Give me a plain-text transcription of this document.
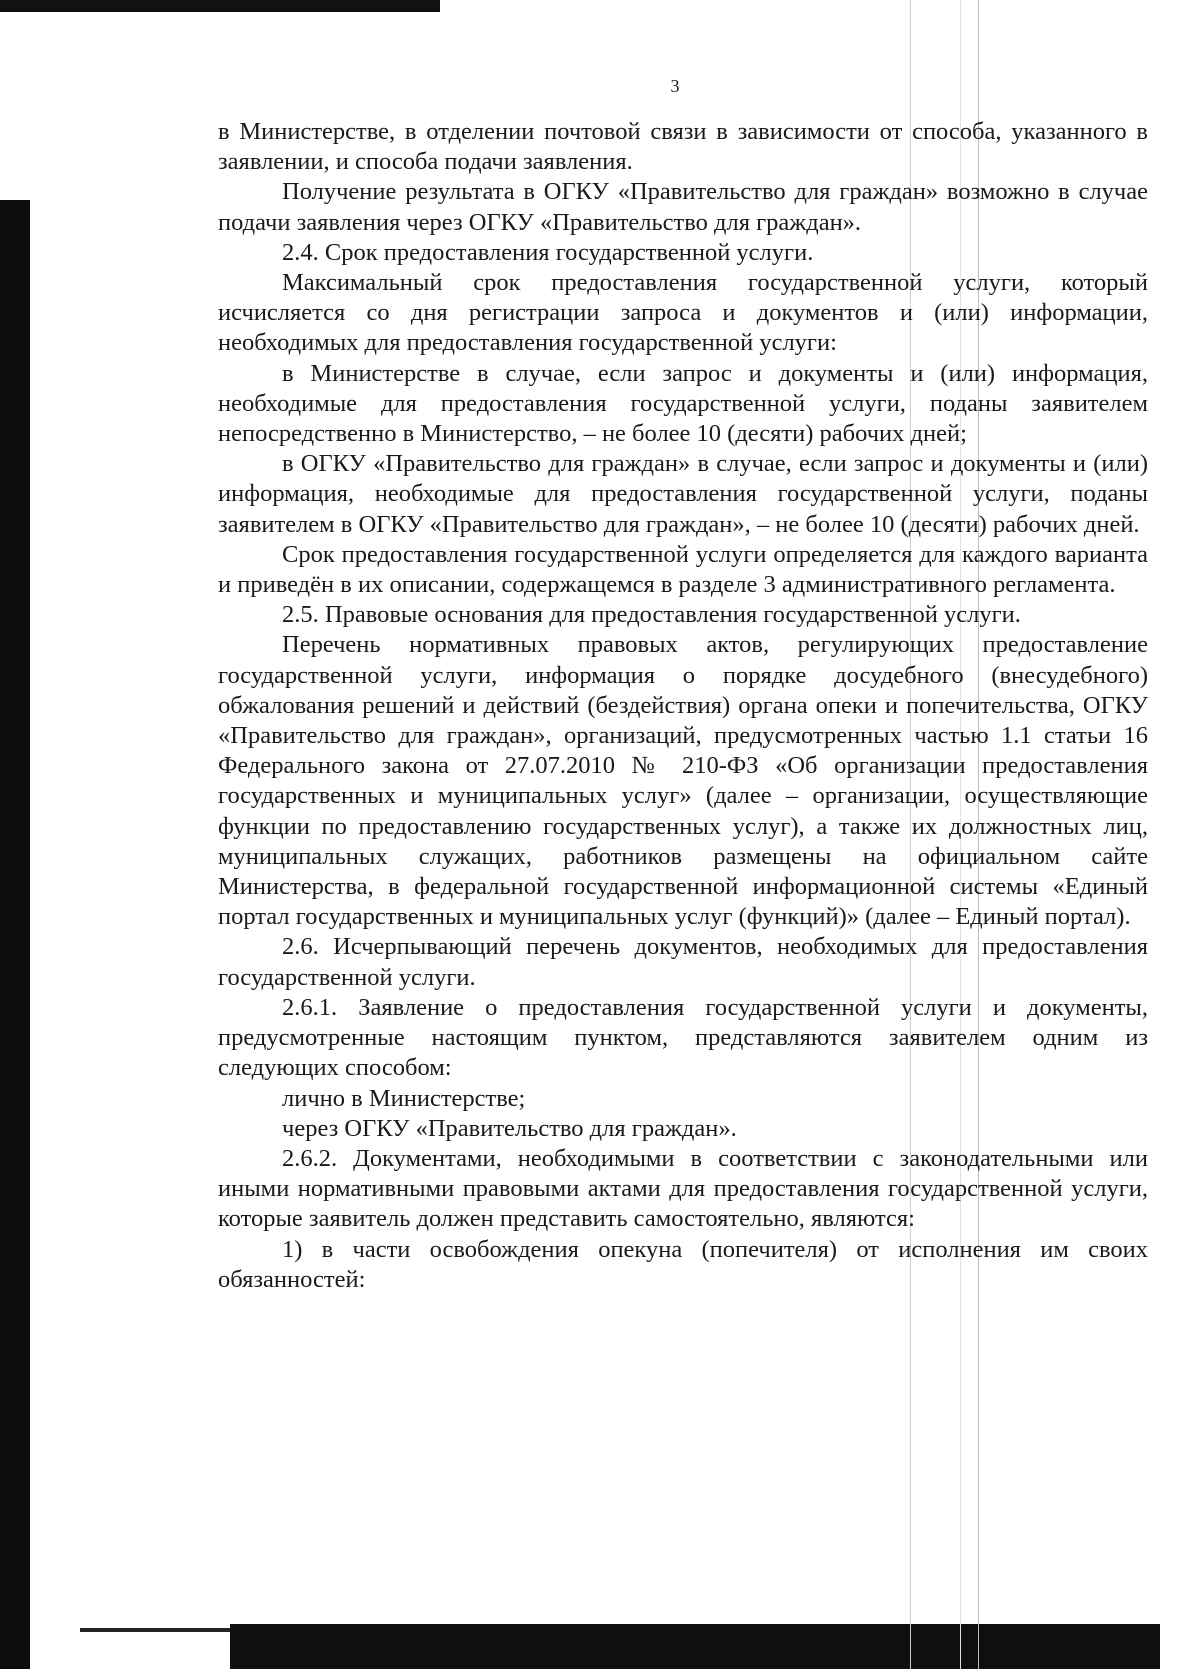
3

в Министерстве, в отделении почтовой связи в зависимости от способа, указанного в заявлении, и способа подачи заявления.

Получение результата в ОГКУ «Правительство для граждан» возможно в случае подачи заявления через ОГКУ «Правительство для граждан».

2.4. Срок предоставления государственной услуги.

Максимальный срок предоставления государственной услуги, который исчисляется со дня регистрации запроса и документов и (или) информации, необходимых для предоставления государственной услуги:

в Министерстве в случае, если запрос и документы и (или) информация, необходимые для предоставления государственной услуги, поданы заявителем непосредственно в Министерство, – не более 10 (десяти) рабочих дней;

в ОГКУ «Правительство для граждан» в случае, если запрос и документы и (или) информация, необходимые для предоставления государственной услуги, поданы заявителем в ОГКУ «Правительство для граждан», – не более 10 (десяти) рабочих дней.

Срок предоставления государственной услуги определяется для каждого варианта и приведён в их описании, содержащемся в разделе 3 административного регламента.

2.5. Правовые основания для предоставления государственной услуги.

Перечень нормативных правовых актов, регулирующих предоставление государственной услуги, информация о порядке досудебного (внесудебного) обжалования решений и действий (бездействия) органа опеки и попечительства, ОГКУ «Правительство для граждан», организаций, предусмотренных частью 1.1 статьи 16 Федерального закона от 27.07.2010 № 210-ФЗ «Об организации предоставления государственных и муниципальных услуг» (далее – организации, осуществляющие функции по предоставлению государственных услуг), а также их должностных лиц, муниципальных служащих, работников размещены на официальном сайте Министерства, в федеральной государственной информационной системы «Единый портал государственных и муниципальных услуг (функций)» (далее – Единый портал).

2.6. Исчерпывающий перечень документов, необходимых для предоставления государственной услуги.

2.6.1. Заявление о предоставления государственной услуги и документы, предусмотренные настоящим пунктом, представляются заявителем одним из следующих способом:

лично в Министерстве;

через ОГКУ «Правительство для граждан».

2.6.2. Документами, необходимыми в соответствии с законодательными или иными нормативными правовыми актами для предоставления государственной услуги, которые заявитель должен представить самостоятельно, являются:

1) в части освобождения опекуна (попечителя) от исполнения им своих обязанностей:
